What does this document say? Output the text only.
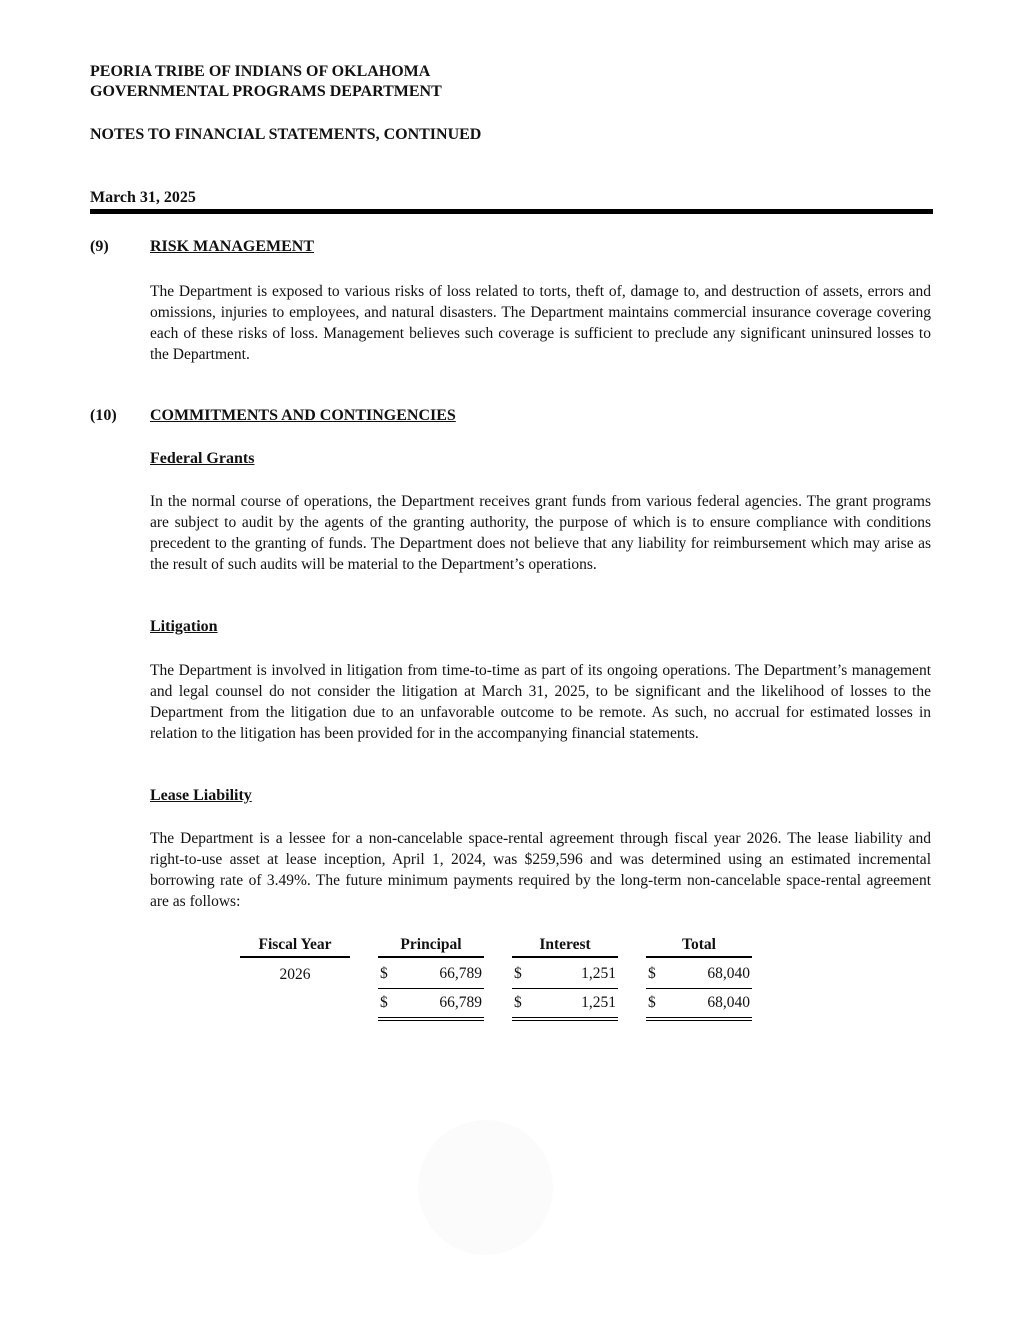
PEORIA TRIBE OF INDIANS OF OKLAHOMA
GOVERNMENTAL PROGRAMS DEPARTMENT
NOTES TO FINANCIAL STATEMENTS, CONTINUED
March 31, 2025
(9)	RISK MANAGEMENT

The Department is exposed to various risks of loss related to torts, theft of, damage to, and destruction of assets, errors and omissions, injuries to employees, and natural disasters. The Department maintains commercial insurance coverage covering each of these risks of loss. Management believes such coverage is sufficient to preclude any significant uninsured losses to the Department.

(10) COMMITMENTS AND CONTINGENCIES
Federal Grants

In the normal course of operations, the Department receives grant funds from various federal agencies. The grant programs are subject to audit by the agents of the granting authority, the purpose of which is to ensure compliance with conditions precedent to the granting of funds. The Department does not believe that any liability for reimbursement which may arise as the result of such audits will be material to the Department’s operations.

Litigation

The Department is involved in litigation from time-to-time as part of its ongoing operations. The Department’s management and legal counsel do not consider the litigation at March 31, 2025, to be significant and the likelihood of losses to the Department from the litigation due to an unfavorable outcome to be remote. As such, no accrual for estimated losses in relation to the litigation has been provided for in the accompanying financial statements.

Lease Liability

The Department is a lessee for a non-cancelable space-rental agreement through fiscal year 2026. The lease liability and right-to-use asset at lease inception, April 1, 2024, was $259,596 and was determined using an estimated incremental borrowing rate of 3.49%. The future minimum payments required by the long-term non-cancelable space-rental agreement are as follows:

Fiscal Year		Principal			Interest			Total	

2026		$	66,789		$	1,251		$	68,040
		$	66,789		$	1,251		$	68,040
